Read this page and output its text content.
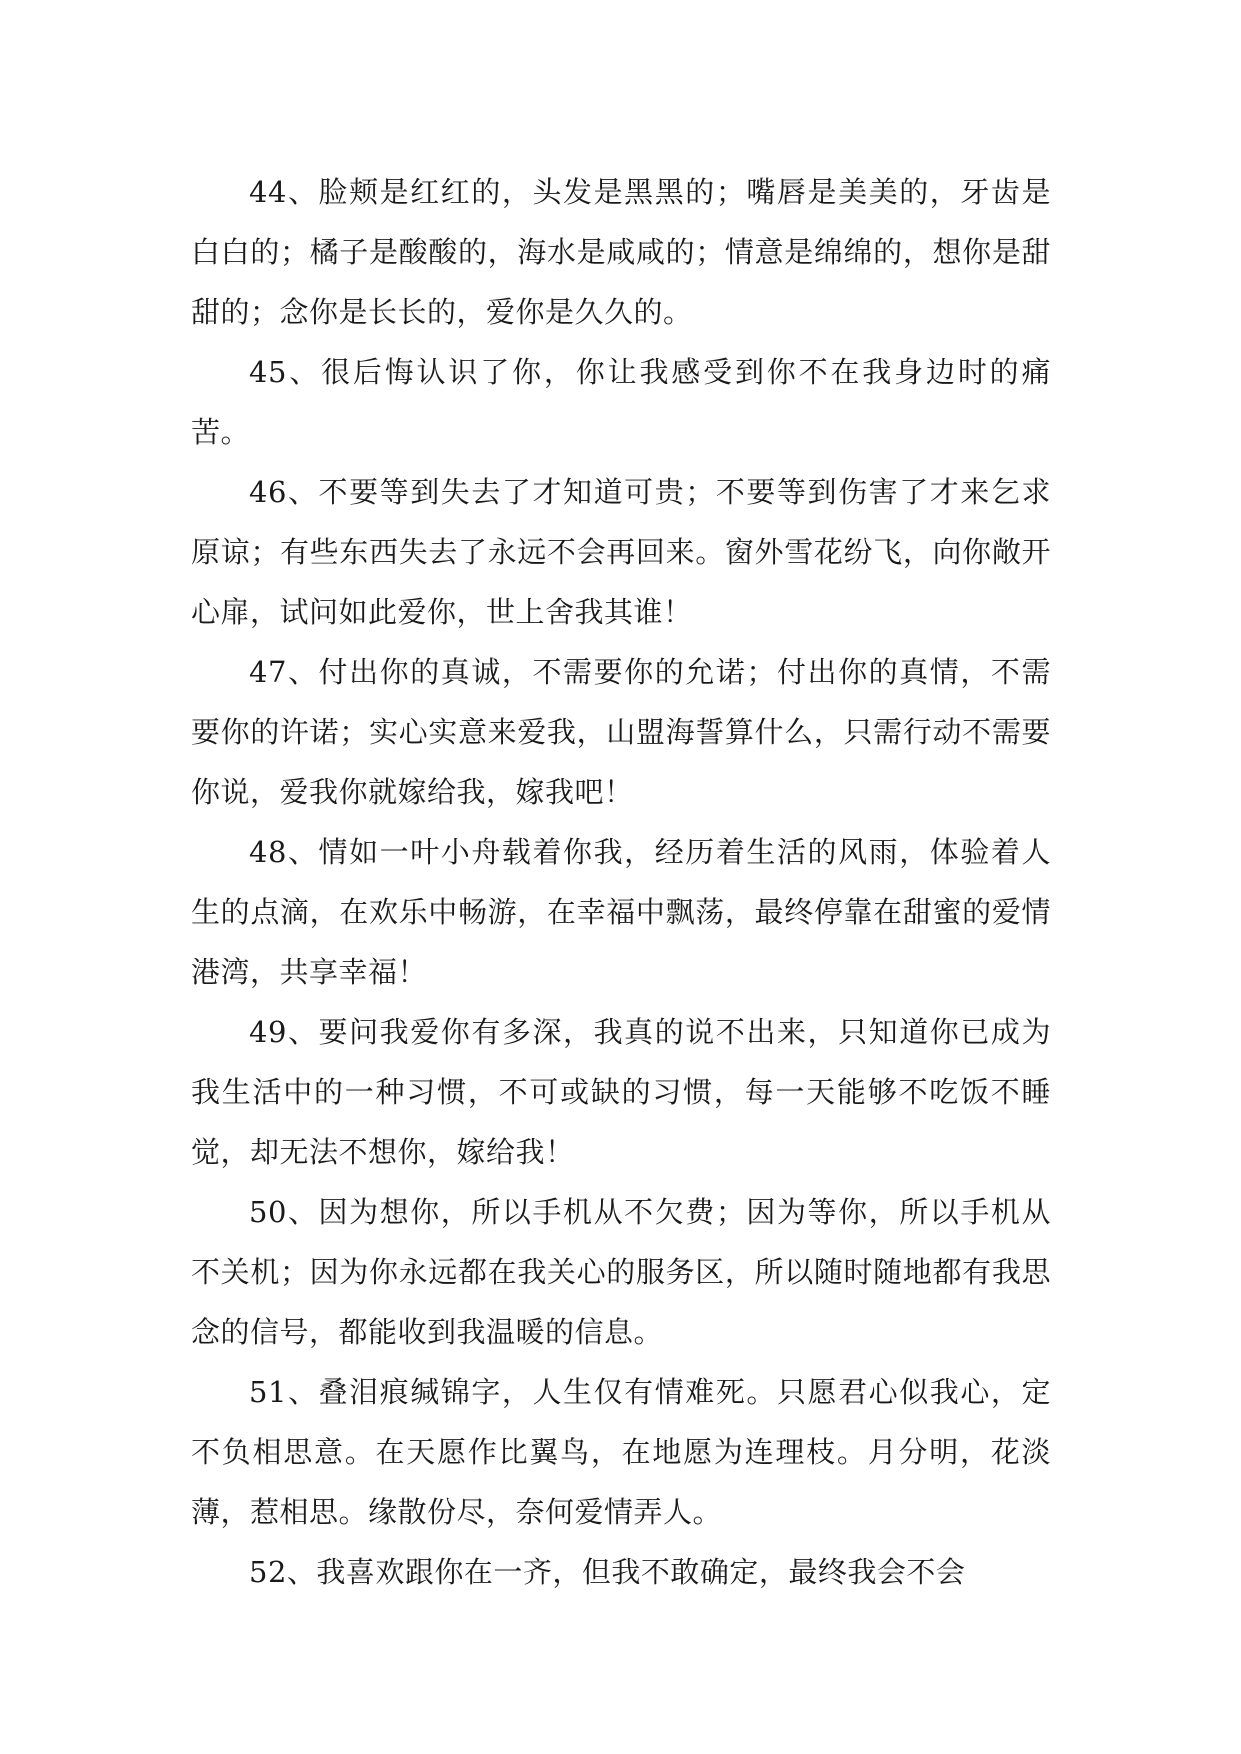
44、脸颊是红红的，头发是黑黑的；嘴唇是美美的，牙齿是白白的；橘子是酸酸的，海水是咸咸的；情意是绵绵的，想你是甜甜的；念你是长长的，爱你是久久的。

45、很后悔认识了你，你让我感受到你不在我身边时的痛苦。

46、不要等到失去了才知道可贵；不要等到伤害了才来乞求原谅；有些东西失去了永远不会再回来。窗外雪花纷飞，向你敞开心扉，试问如此爱你，世上舍我其谁！

47、付出你的真诚，不需要你的允诺；付出你的真情，不需要你的许诺；实心实意来爱我，山盟海誓算什么，只需行动不需要你说，爱我你就嫁给我，嫁我吧！

48、情如一叶小舟载着你我，经历着生活的风雨，体验着人生的点滴，在欢乐中畅游，在幸福中飘荡，最终停靠在甜蜜的爱情港湾，共享幸福！

49、要问我爱你有多深，我真的说不出来，只知道你已成为我生活中的一种习惯，不可或缺的习惯，每一天能够不吃饭不睡觉，却无法不想你，嫁给我！

50、因为想你，所以手机从不欠费；因为等你，所以手机从不关机；因为你永远都在我关心的服务区，所以随时随地都有我思念的信号，都能收到我温暖的信息。

51、叠泪痕缄锦字，人生仅有情难死。只愿君心似我心，定不负相思意。在天愿作比翼鸟，在地愿为连理枝。月分明，花淡薄，惹相思。缘散份尽，奈何爱情弄人。

52、我喜欢跟你在一齐，但我不敢确定，最终我会不会
